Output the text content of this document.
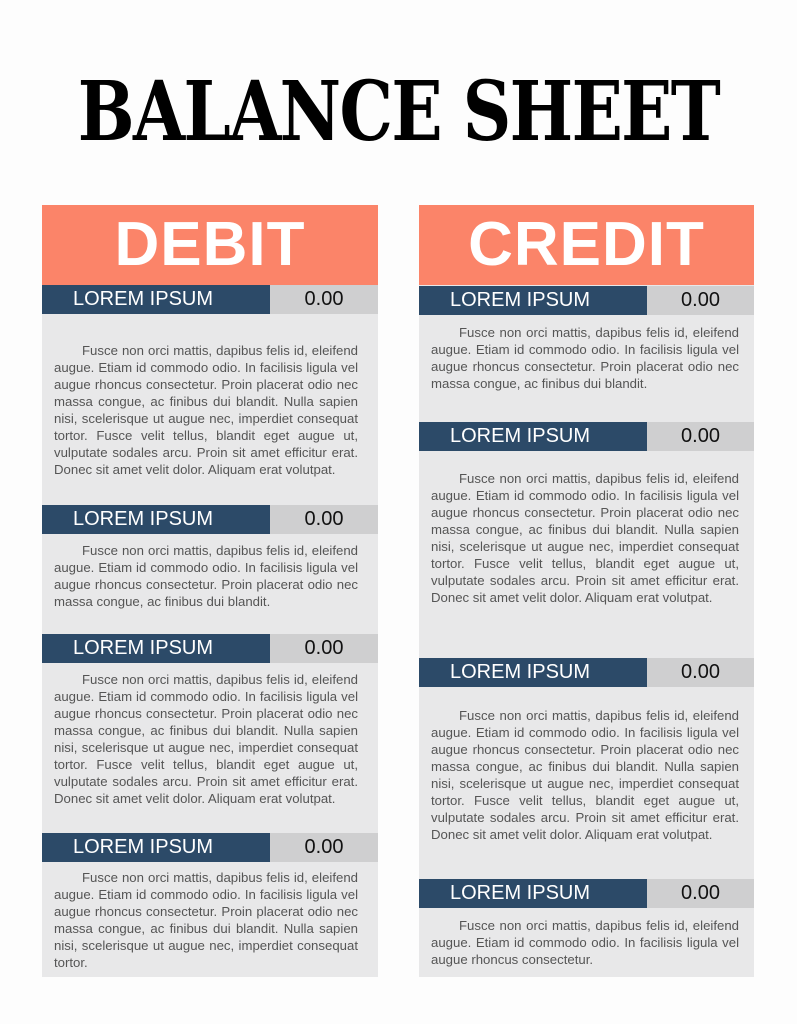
BALANCE SHEET
DEBIT
LOREM IPSUM	0.00
Fusce non orci mattis, dapibus felis id, eleifend augue. Etiam id commodo odio. In facilisis ligula vel augue rhoncus consectetur. Proin placerat odio nec massa congue, ac finibus dui blandit. Nulla sapien nisi, scelerisque ut augue nec, imperdiet consequat tortor. Fusce velit tellus, blandit eget augue ut, vulputate sodales arcu. Proin sit amet efficitur erat. Donec sit amet velit dolor. Aliquam erat volutpat.
LOREM IPSUM	0.00
Fusce non orci mattis, dapibus felis id, eleifend augue. Etiam id commodo odio. In facilisis ligula vel augue rhoncus consectetur. Proin placerat odio nec massa congue, ac finibus dui blandit.
LOREM IPSUM	0.00
Fusce non orci mattis, dapibus felis id, eleifend augue. Etiam id commodo odio. In facilisis ligula vel augue rhoncus consectetur. Proin placerat odio nec massa congue, ac finibus dui blandit. Nulla sapien nisi, scelerisque ut augue nec, imperdiet consequat tortor. Fusce velit tellus, blandit eget augue ut, vulputate sodales arcu. Proin sit amet efficitur erat. Donec sit amet velit dolor. Aliquam erat volutpat.
LOREM IPSUM	0.00
Fusce non orci mattis, dapibus felis id, eleifend augue. Etiam id commodo odio. In facilisis ligula vel augue rhoncus consectetur. Proin placerat odio nec massa congue, ac finibus dui blandit. Nulla sapien nisi, scelerisque ut augue nec, imperdiet consequat tortor.
CREDIT
LOREM IPSUM	0.00
Fusce non orci mattis, dapibus felis id, eleifend augue. Etiam id commodo odio. In facilisis ligula vel augue rhoncus consectetur. Proin placerat odio nec massa congue, ac finibus dui blandit.
LOREM IPSUM	0.00
Fusce non orci mattis, dapibus felis id, eleifend augue. Etiam id commodo odio. In facilisis ligula vel augue rhoncus consectetur. Proin placerat odio nec massa congue, ac finibus dui blandit. Nulla sapien nisi, scelerisque ut augue nec, imperdiet consequat tortor. Fusce velit tellus, blandit eget augue ut, vulputate sodales arcu. Proin sit amet efficitur erat. Donec sit amet velit dolor. Aliquam erat volutpat.
LOREM IPSUM	0.00
Fusce non orci mattis, dapibus felis id, eleifend augue. Etiam id commodo odio. In facilisis ligula vel augue rhoncus consectetur. Proin placerat odio nec massa congue, ac finibus dui blandit. Nulla sapien nisi, scelerisque ut augue nec, imperdiet consequat tortor. Fusce velit tellus, blandit eget augue ut, vulputate sodales arcu. Proin sit amet efficitur erat. Donec sit amet velit dolor. Aliquam erat volutpat.
LOREM IPSUM	0.00
Fusce non orci mattis, dapibus felis id, eleifend augue. Etiam id commodo odio. In facilisis ligula vel augue rhoncus consectetur.
